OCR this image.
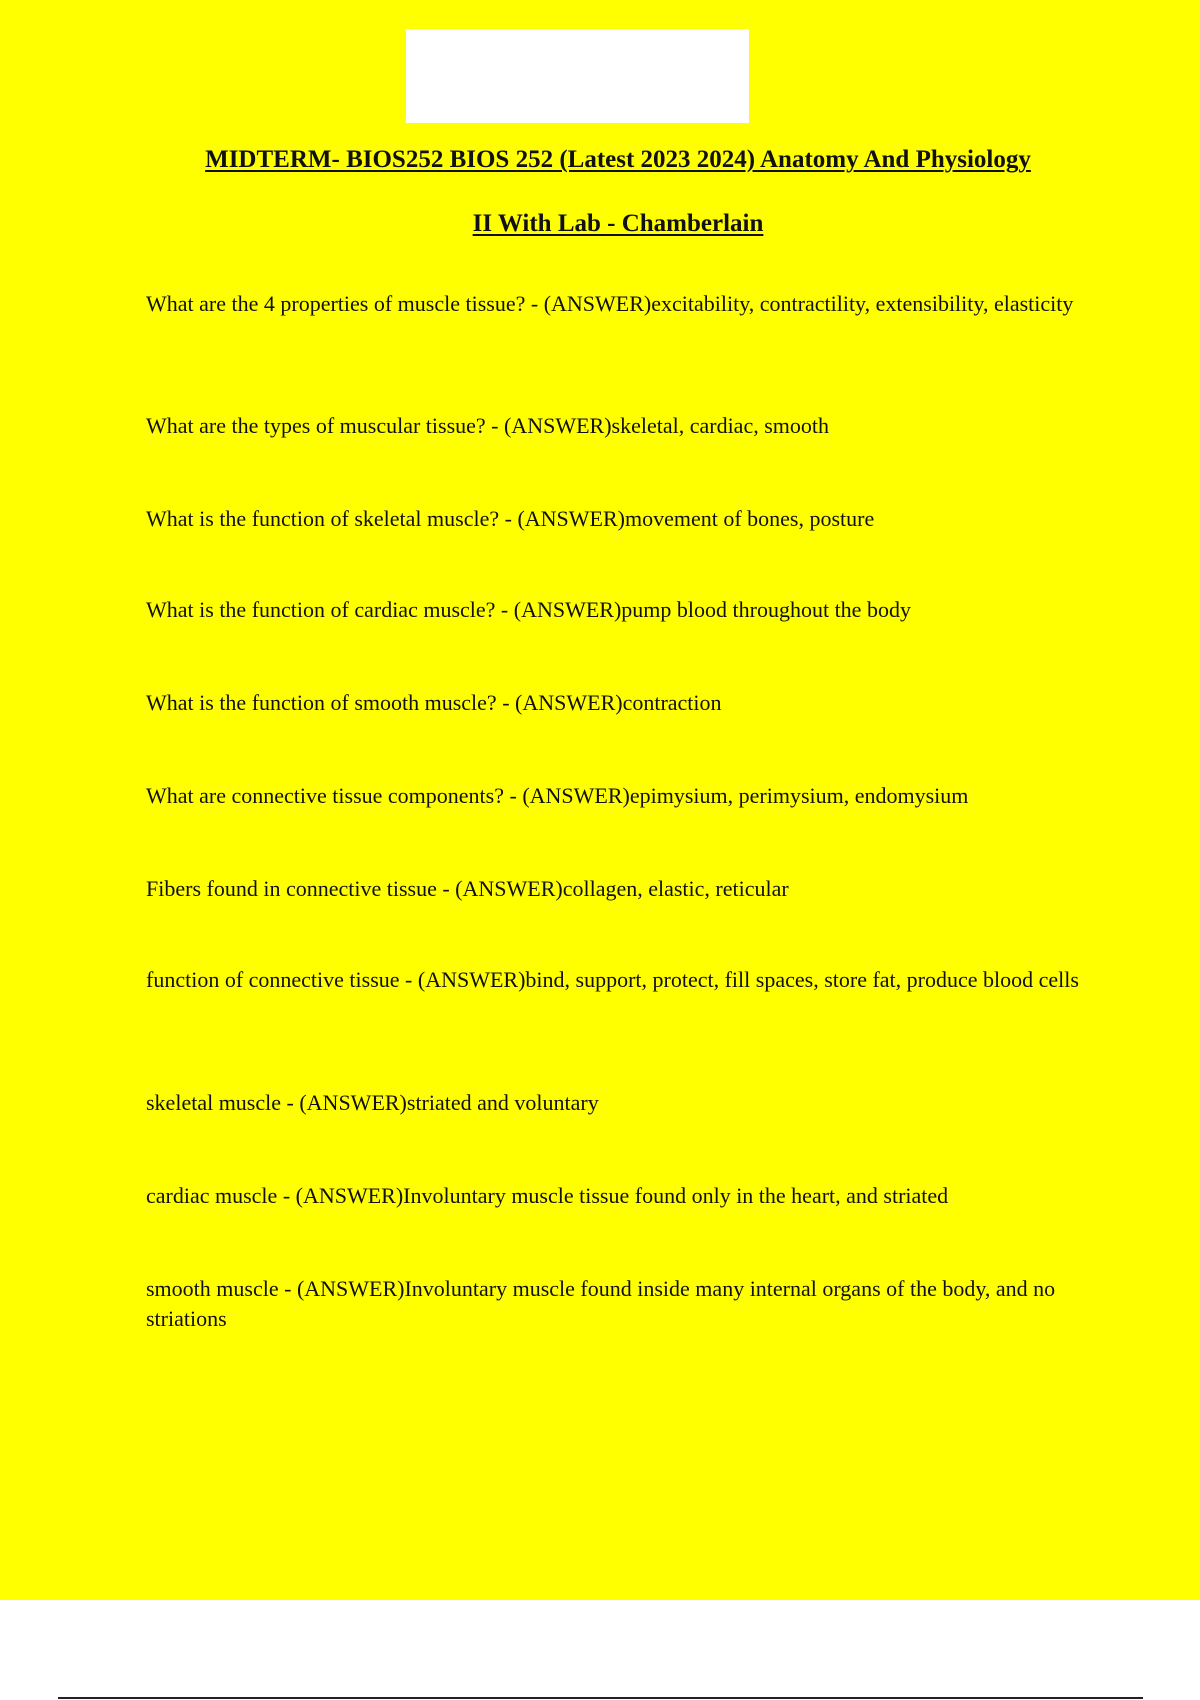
MIDTERM- BIOS252 BIOS 252 (Latest 2023 2024) Anatomy And Physiology
II With Lab - Chamberlain
What are the 4 properties of muscle tissue? - (ANSWER)excitability, contractility, extensibility, elasticity
What are the types of muscular tissue? - (ANSWER)skeletal, cardiac, smooth
What is the function of skeletal muscle? - (ANSWER)movement of bones, posture
What is the function of cardiac muscle? - (ANSWER)pump blood throughout the body
What is the function of smooth muscle? - (ANSWER)contraction
What are connective tissue components? - (ANSWER)epimysium, perimysium, endomysium
Fibers found in connective tissue - (ANSWER)collagen, elastic, reticular
function of connective tissue - (ANSWER)bind, support, protect, fill spaces, store fat, produce blood cells
skeletal muscle - (ANSWER)striated and voluntary
cardiac muscle - (ANSWER)Involuntary muscle tissue found only in the heart, and striated
smooth muscle - (ANSWER)Involuntary muscle found inside many internal organs of the body, and no striations
